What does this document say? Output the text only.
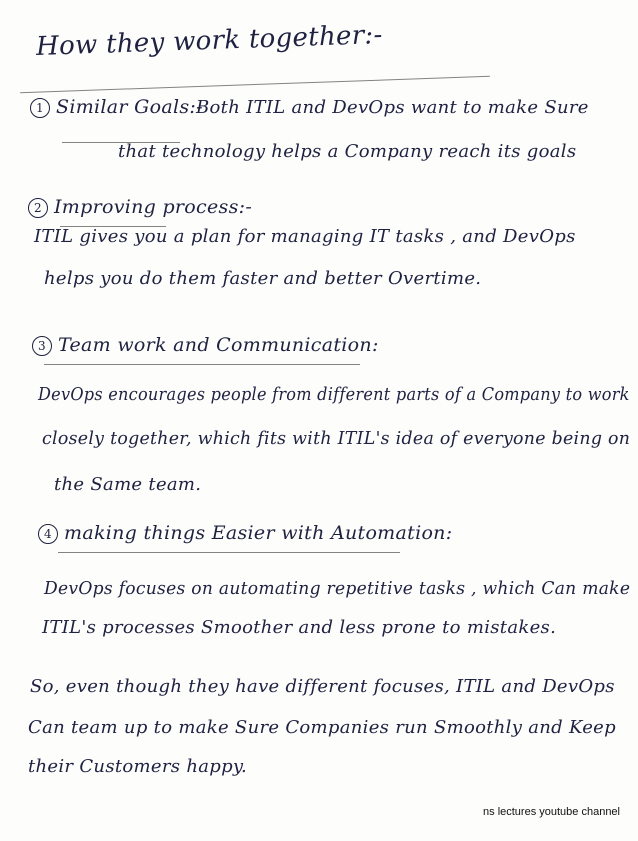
How they work together:-
1 Similar Goals:-
Both ITIL and DevOps want to make Sure
that technology helps a Company reach its goals
2 Improving process:-
ITIL gives you a plan for managing IT tasks , and DevOps
helps you do them faster and better Overtime.
3 Team work and Communication:
DevOps encourages people from different parts of a Company to work
closely together, which fits with ITIL's idea of everyone being on
the Same team.
4 making things Easier with Automation:
DevOps focuses on automating repetitive tasks , which Can make
ITIL's processes Smoother and less prone to mistakes.
So, even though they have different focuses, ITIL and DevOps
Can team up to make Sure Companies run Smoothly and Keep
their Customers happy.
ns lectures youtube channel
